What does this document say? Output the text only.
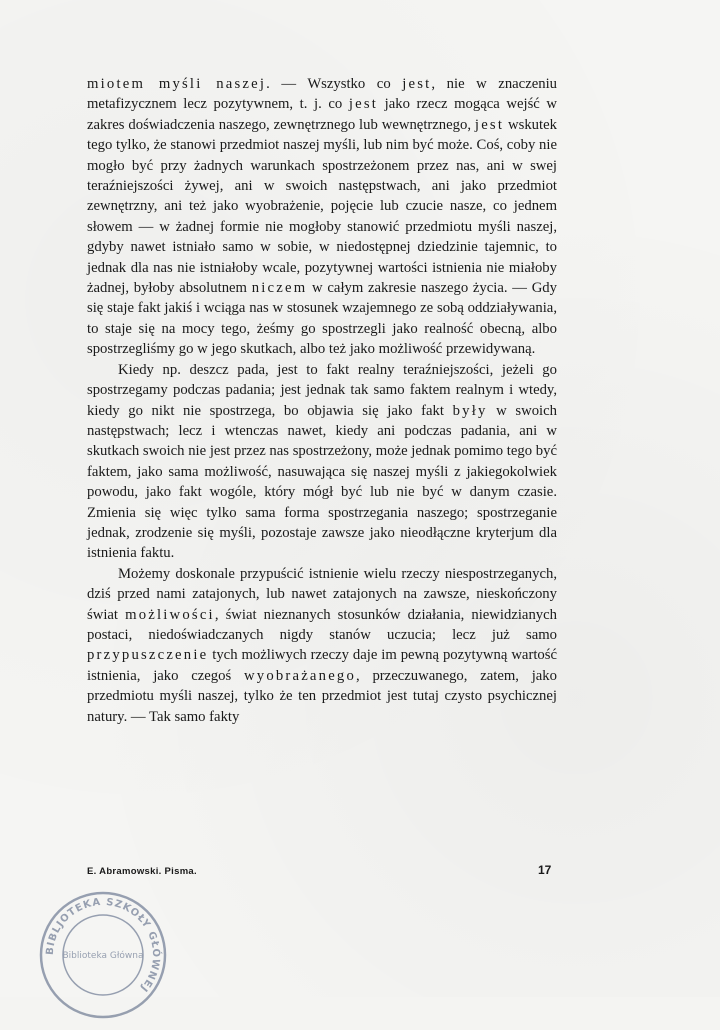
miotem myśli naszej. — Wszystko co jest, nie w znaczeniu metafizycznem lecz pozytywnem, t. j. co jest jako rzecz mogąca wejść w zakres doświadczenia naszego, zewnętrznego lub wewnętrznego, jest wskutek tego tylko, że stanowi przedmiot naszej myśli, lub nim być może. Coś, coby nie mogło być przy żadnych warunkach spostrzeżonem przez nas, ani w swej teraźniejszości żywej, ani w swoich następstwach, ani jako przedmiot zewnętrzny, ani też jako wyobrażenie, pojęcie lub czucie nasze, co jednem słowem — w żadnej formie nie mogłoby stanowić przedmiotu myśli naszej, gdyby nawet istniało samo w sobie, w niedostępnej dziedzinie tajemnic, to jednak dla nas nie istniałoby wcale, pozytywnej wartości istnienia nie miałoby żadnej, byłoby absolutnem niczem w całym zakresie naszego życia. — Gdy się staje fakt jakiś i wciąga nas w stosunek wzajemnego ze sobą oddziaływania, to staje się na mocy tego, żeśmy go spostrzegli jako realność obecną, albo spostrzegliśmy go w jego skutkach, albo też jako możliwość przewidywaną.

Kiedy np. deszcz pada, jest to fakt realny teraźniejszości, jeżeli go spostrzegamy podczas padania; jest jednak tak samo faktem realnym i wtedy, kiedy go nikt nie spostrzega, bo objawia się jako fakt były w swoich następstwach; lecz i wtenczas nawet, kiedy ani podczas padania, ani w skutkach swoich nie jest przez nas spostrzeżony, może jednak pomimo tego być faktem, jako sama możliwość, nasuwająca się naszej myśli z jakiegokolwiek powodu, jako fakt wogóle, który mógł być lub nie być w danym czasie. Zmienia się więc tylko sama forma spostrzegania naszego; spostrzeganie jednak, zrodzenie się myśli, pozostaje zawsze jako nieodłączne kryterjum dla istnienia faktu.

Możemy doskonale przypuścić istnienie wielu rzeczy niespostrzeganych, dziś przed nami zatajonych, lub nawet zatajonych na zawsze, nieskończony świat możliwości, świat nieznanych stosunków działania, niewidzianych postaci, niedoświadczanych nigdy stanów uczucia; lecz już samo przypuszczenie tych możliwych rzeczy daje im pewną pozytywną wartość istnienia, jako czegoś wyobrażanego, przeczuwanego, zatem, jako przedmiotu myśli naszej, tylko że ten przedmiot jest tutaj czysto psychicznej natury. — Tak samo fakty

E. Abramowski. Pisma.	17
BIBLJOTEKA SZKOŁY GŁÓWNEJ
Biblioteka Główna
